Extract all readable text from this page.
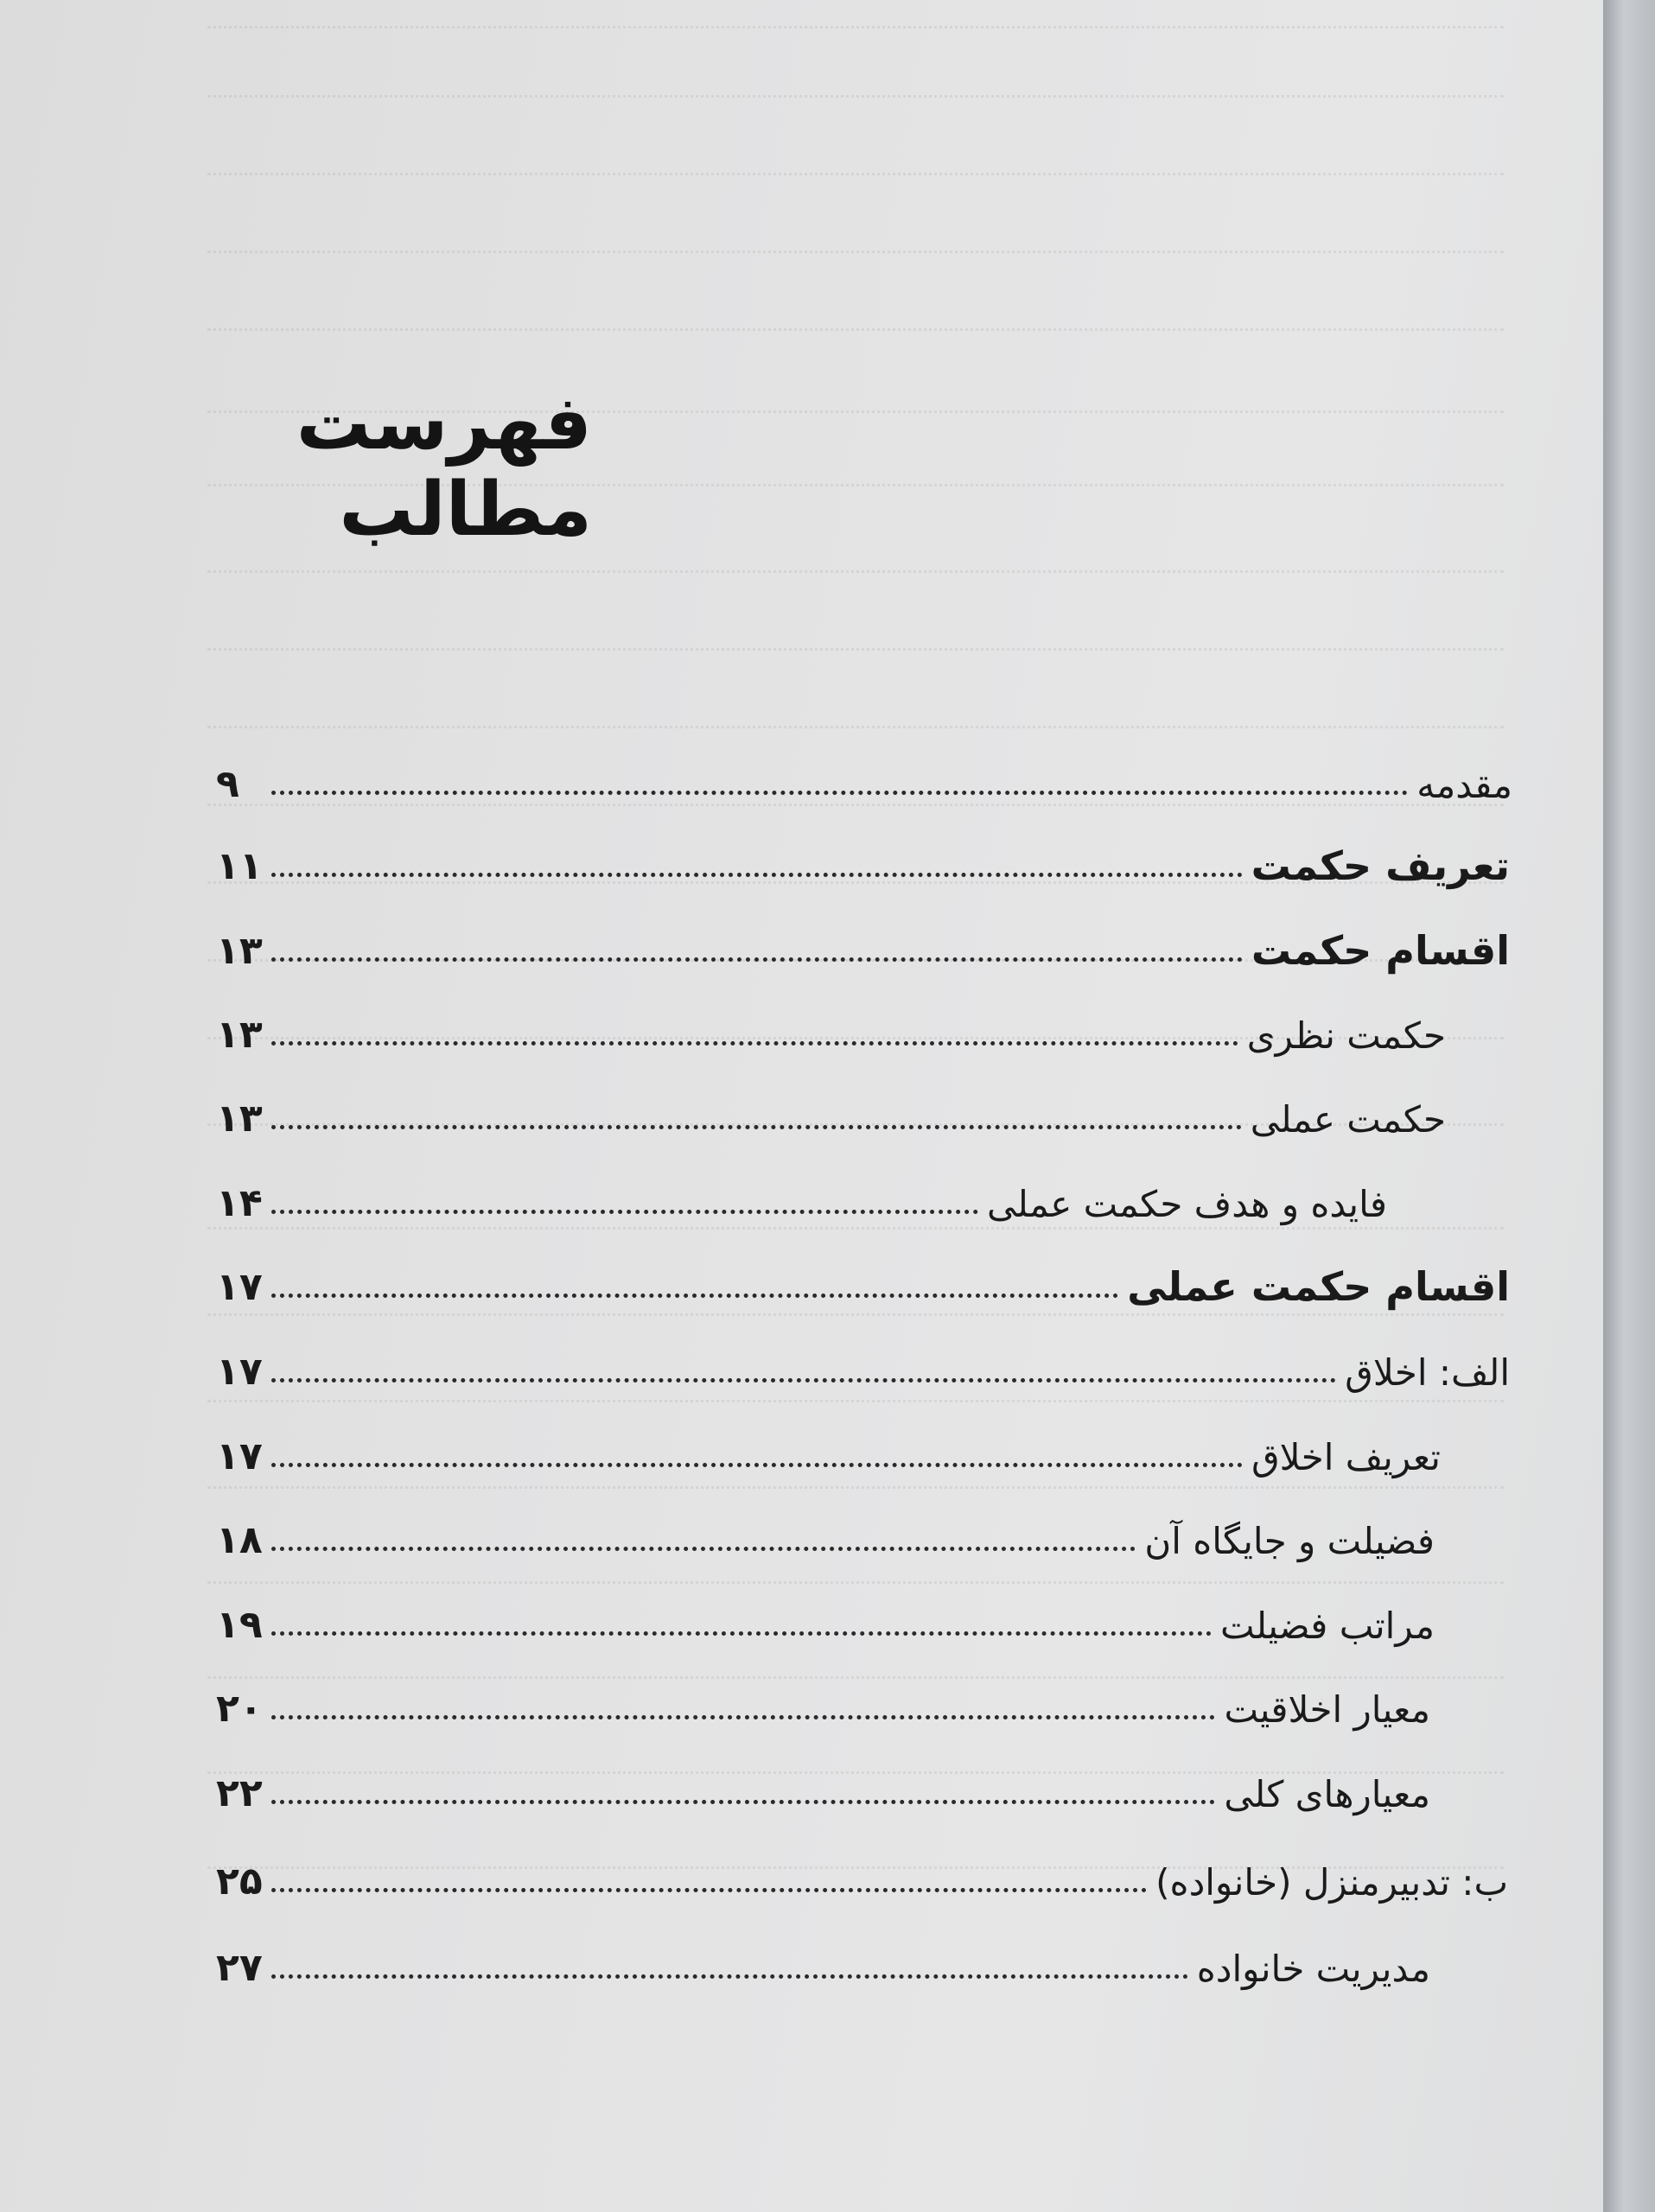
فهرست مطالب
مقدمه
۹
تعریف حکمت
۱۱
اقسام حکمت
۱۳
حکمت نظری
۱۳
حکمت عملی
۱۳
فایده و هدف حکمت عملی
۱۴
اقسام حکمت عملی
۱۷
الف: اخلاق
۱۷
تعریف اخلاق
۱۷
فضیلت و جایگاه آن
۱۸
مراتب فضیلت
۱۹
معیار اخلاقیت
۲۰
معیارهای کلی
۲۲
ب: تدبیرمنزل (خانواده)
۲۵
مدیریت خانواده
۲۷
